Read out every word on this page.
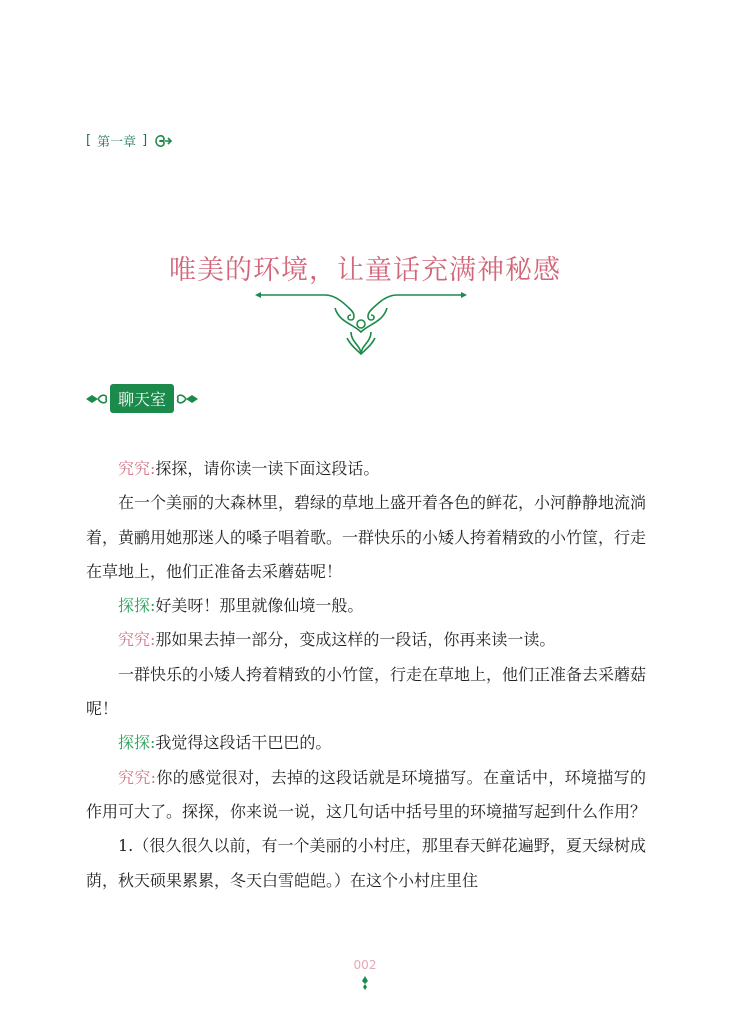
[ 第一章 ]
唯美的环境，让童话充满神秘感
聊天室

究究:探探，请你读一读下面这段话。

在一个美丽的大森林里，碧绿的草地上盛开着各色的鲜花，小河静静地流淌着，黄鹂用她那迷人的嗓子唱着歌。一群快乐的小矮人挎着精致的小竹筐，行走在草地上，他们正准备去采蘑菇呢！

探探:好美呀！那里就像仙境一般。

究究:那如果去掉一部分，变成这样的一段话，你再来读一读。

一群快乐的小矮人挎着精致的小竹筐，行走在草地上，他们正准备去采蘑菇呢！

探探:我觉得这段话干巴巴的。

究究:你的感觉很对，去掉的这段话就是环境描写。在童话中，环境描写的作用可大了。探探，你来说一说，这几句话中括号里的环境描写起到什么作用？

1.（很久很久以前，有一个美丽的小村庄，那里春天鲜花遍野，夏天绿树成荫，秋天硕果累累，冬天白雪皑皑。）在这个小村庄里住

002
